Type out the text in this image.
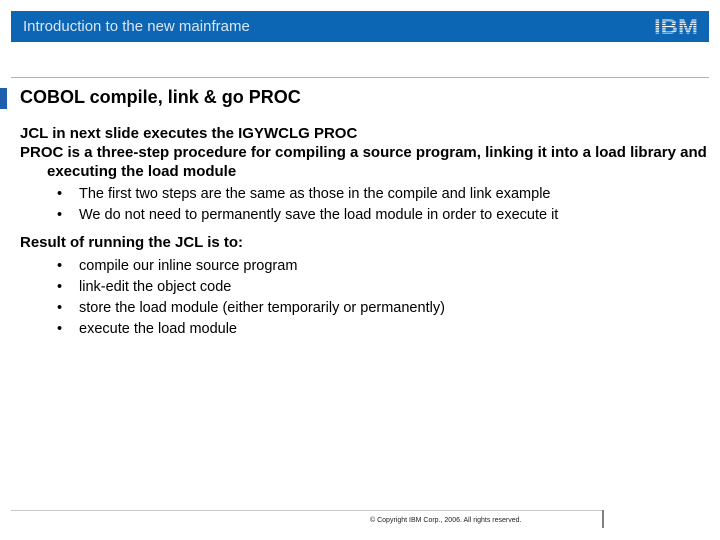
Introduction to the new mainframe	IBM
COBOL compile, link & go PROC
JCL in next slide executes the IGYWCLG PROC
PROC is a three-step procedure for compiling a source program, linking it into a load library and executing the load module
• The first two steps are the same as those in the compile and link example
• We do not need to permanently save the load module in order to execute it
Result of running the JCL is to:
• compile our inline source program
• link-edit the object code
• store the load module (either temporarily or permanently)
• execute the load module
© Copyright IBM Corp., 2006. All rights reserved.
